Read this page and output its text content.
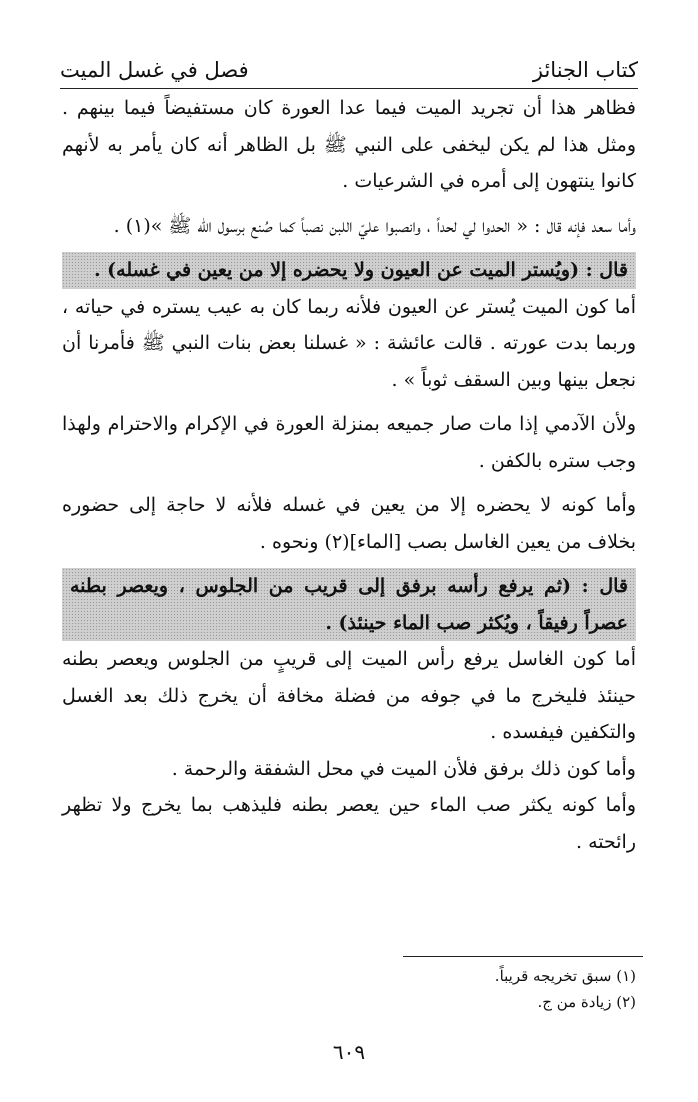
كتاب الجنائز
فصل في غسل الميت

فظاهر هذا أن تجريد الميت فيما عدا العورة كان مستفيضاً فيما بينهم . ومثل هذا لم يكن ليخفى على النبي ﷺ بل الظاهر أنه كان يأمر به لأنهم كانوا ينتهون إلى أمره في الشرعيات .

وأما سعد فإنه قال : « الحدوا لي لحداً ، وانصبوا عليّ اللبن نصباً كما صُنع برسول الله ﷺ »(١) .

قال : (ويُستر الميت عن العيون ولا يحضره إلا من يعين في غسله) .

أما كون الميت يُستر عن العيون فلأنه ربما كان به عيب يستره في حياته ، وربما بدت عورته . قالت عائشة : « غسلنا بعض بنات النبي ﷺ فأمرنا أن نجعل بينها وبين السقف ثوباً » .

ولأن الآدمي إذا مات صار جميعه بمنزلة العورة في الإكرام والاحترام ولهذا وجب ستره بالكفن .

وأما كونه لا يحضره إلا من يعين في غسله فلأنه لا حاجة إلى حضوره بخلاف من يعين الغاسل بصب [الماء](٢) ونحوه .

قال : (ثم يرفع رأسه برفق إلى قريب من الجلوس ، ويعصر بطنه عصراً رفيقاً ، ويُكثر صب الماء حينئذ) .

أما كون الغاسل يرفع رأس الميت إلى قريبٍ من الجلوس ويعصر بطنه حينئذ فليخرج ما في جوفه من فضلة مخافة أن يخرج ذلك بعد الغسل والتكفين فيفسده .

وأما كون ذلك برفق فلأن الميت في محل الشفقة والرحمة .

وأما كونه يكثر صب الماء حين يعصر بطنه فليذهب بما يخرج ولا تظهر رائحته .

(١) سبق تخريجه قريباً.
(٢) زيادة من ج.
٦٠٩
